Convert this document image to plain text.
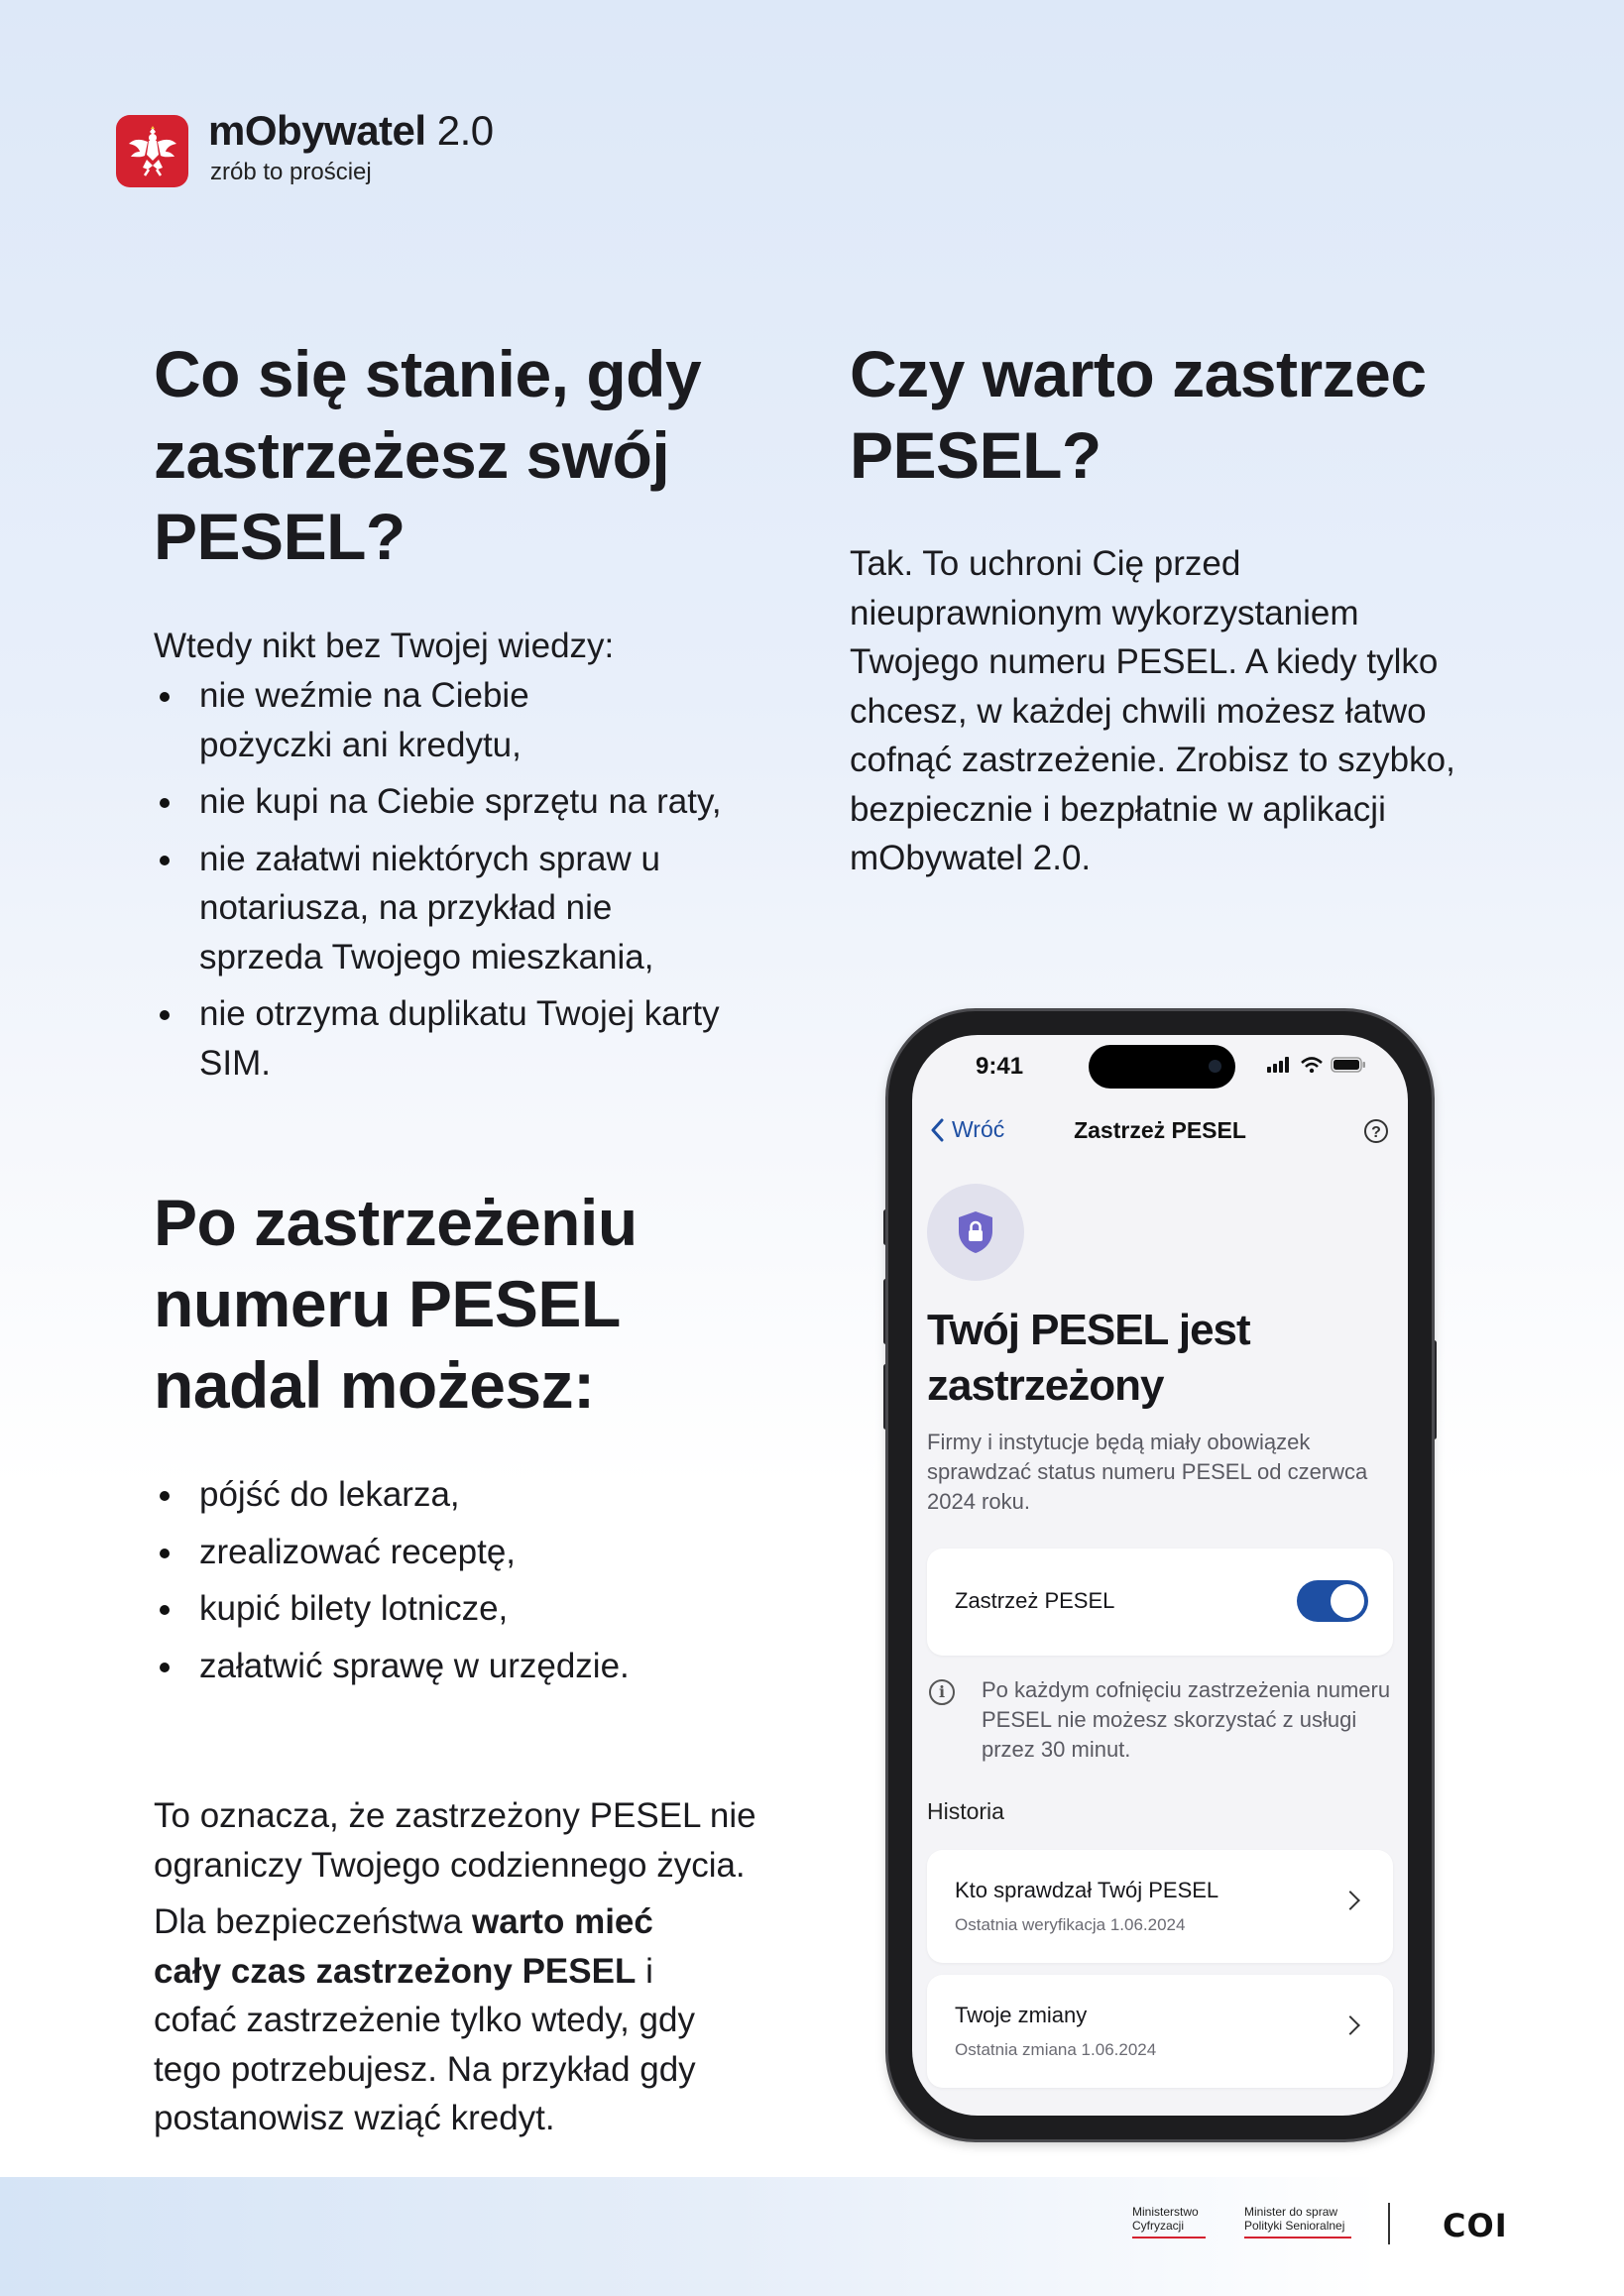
mObywatel 2.0
zrób to prościej
Co się stanie, gdy zastrzeżesz swój PESEL?
Wtedy nikt bez Twojej wiedzy:
nie weźmie na Ciebie pożyczki ani kredytu,
nie kupi na Ciebie sprzętu na raty,
nie załatwi niektórych spraw u notariusza, na przykład nie sprzeda Twojego mieszkania,
nie otrzyma duplikatu Twojej karty SIM.
Po zastrzeżeniu numeru PESEL nadal możesz:
pójść do lekarza,
zrealizować receptę,
kupić bilety lotnicze,
załatwić sprawę w urzędzie.
To oznacza, że zastrzeżony PESEL nie ograniczy Twojego codziennego życia.
Dla bezpieczeństwa warto mieć cały czas zastrzeżony PESEL i cofać zastrzeżenie tylko wtedy, gdy tego potrzebujesz. Na przykład gdy postanowisz wziąć kredyt.
Czy warto zastrzec PESEL?
Tak. To uchroni Cię przed nieuprawnionym wykorzystaniem Twojego numeru PESEL. A kiedy tylko chcesz, w każdej chwili możesz łatwo cofnąć zastrzeżenie. Zrobisz to szybko, bezpiecznie i bezpłatnie w aplikacji mObywatel 2.0.
9:41
Wróć	Zastrzeż PESEL	?
Twój PESEL jest zastrzeżony
Firmy i instytucje będą miały obowiązek sprawdzać status numeru PESEL od czerwca 2024 roku.
Zastrzeż PESEL
i	Po każdym cofnięciu zastrzeżenia numeru PESEL nie możesz skorzystać z usługi przez 30 minut.
Historia
Kto sprawdzał Twój PESEL
Ostatnia weryfikacja 1.06.2024
Twoje zmiany
Ostatnia zmiana 1.06.2024
Ministerstwo
Cyfryzacji
Minister do spraw
Polityki Senioralnej	COI
